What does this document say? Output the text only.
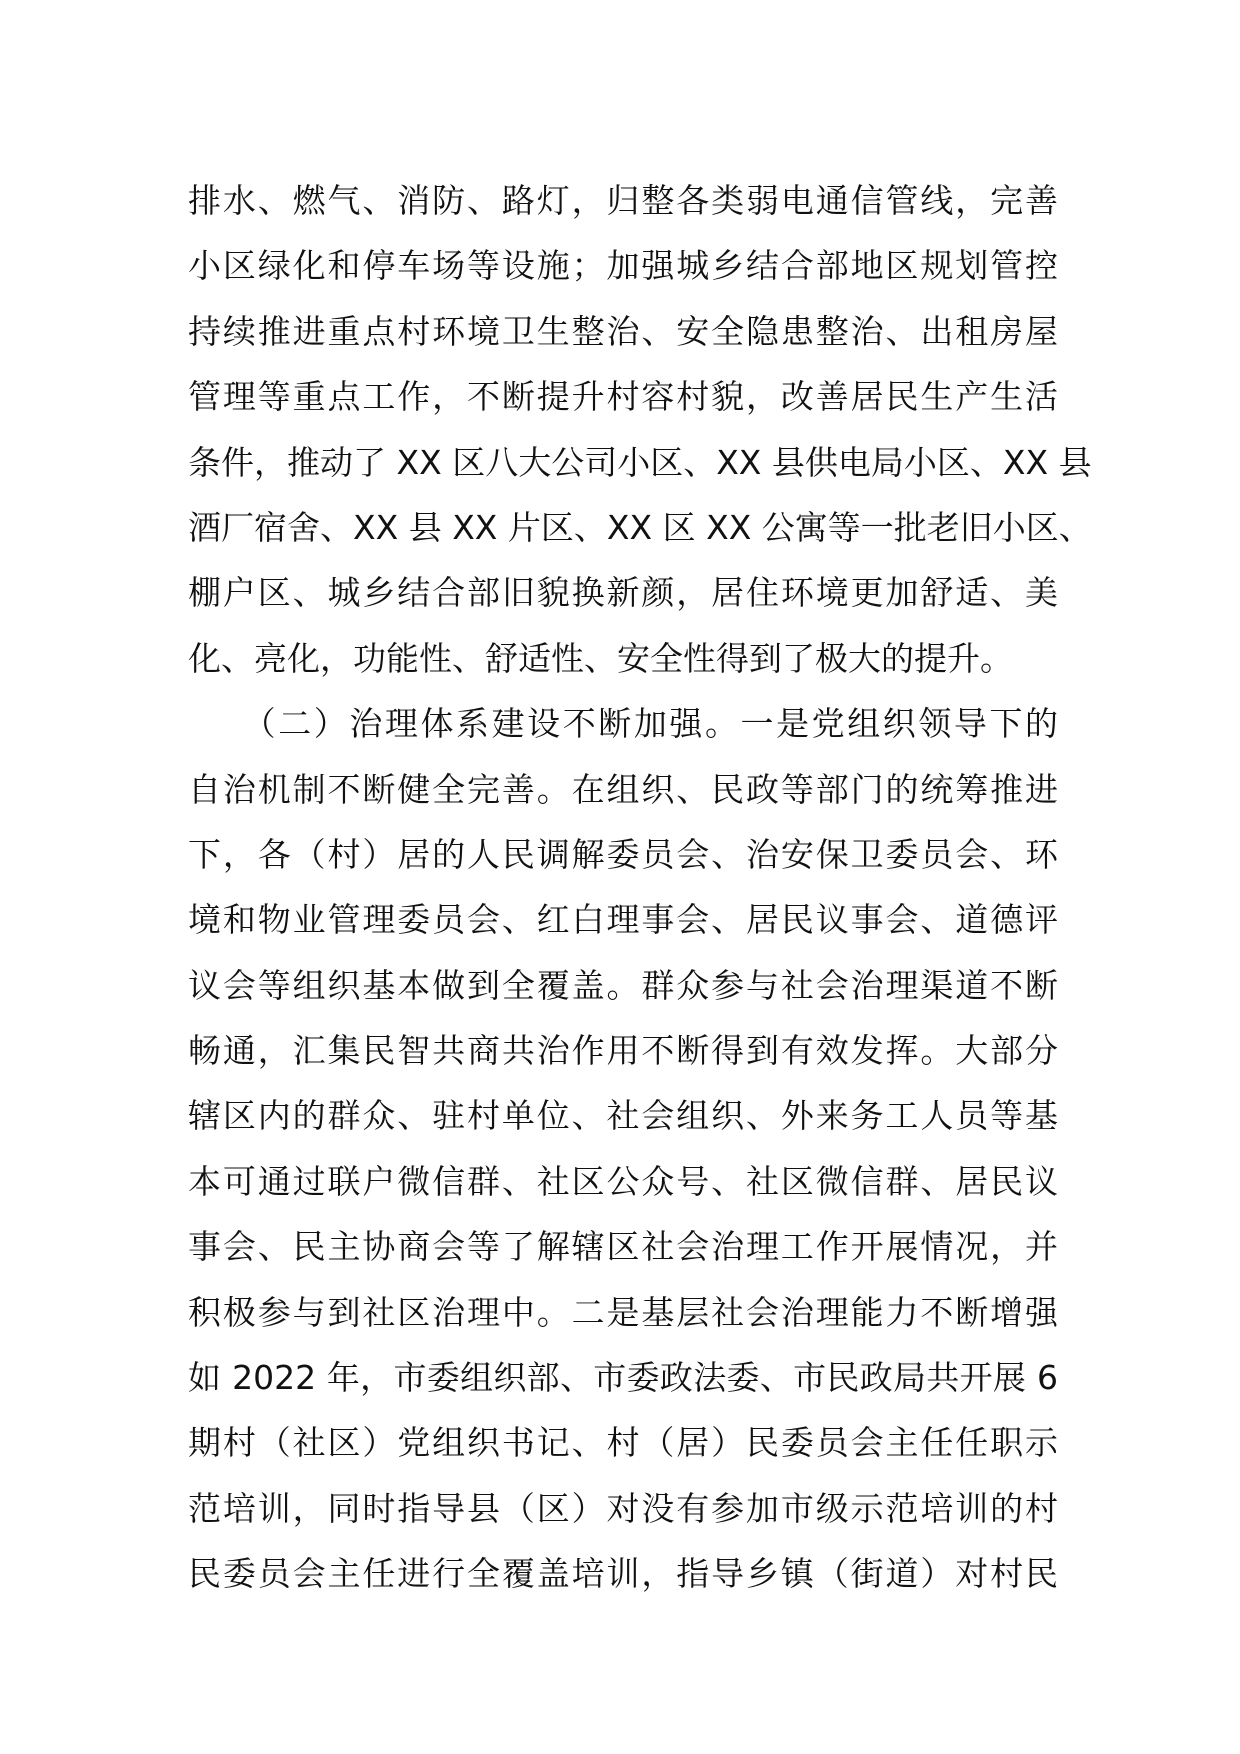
排水、燃气、消防、路灯，归整各类弱电通信管线，完善
小区绿化和停车场等设施；加强城乡结合部地区规划管控
持续推进重点村环境卫生整治、安全隐患整治、出租房屋
管理等重点工作，不断提升村容村貌，改善居民生产生活
条件，推动了 XX 区八大公司小区、XX 县供电局小区、XX 县
酒厂宿舍、XX 县 XX 片区、XX 区 XX 公寓等一批老旧小区、
棚户区、城乡结合部旧貌换新颜，居住环境更加舒适、美
化、亮化，功能性、舒适性、安全性得到了极大的提升。
　　（二）治理体系建设不断加强。一是党组织领导下的
自治机制不断健全完善。在组织、民政等部门的统筹推进
下，各（村）居的人民调解委员会、治安保卫委员会、环
境和物业管理委员会、红白理事会、居民议事会、道德评
议会等组织基本做到全覆盖。群众参与社会治理渠道不断
畅通，汇集民智共商共治作用不断得到有效发挥。大部分
辖区内的群众、驻村单位、社会组织、外来务工人员等基
本可通过联户微信群、社区公众号、社区微信群、居民议
事会、民主协商会等了解辖区社会治理工作开展情况，并
积极参与到社区治理中。二是基层社会治理能力不断增强
如 2022 年，市委组织部、市委政法委、市民政局共开展 6
期村（社区）党组织书记、村（居）民委员会主任任职示
范培训，同时指导县（区）对没有参加市级示范培训的村
民委员会主任进行全覆盖培训，指导乡镇（街道）对村民
